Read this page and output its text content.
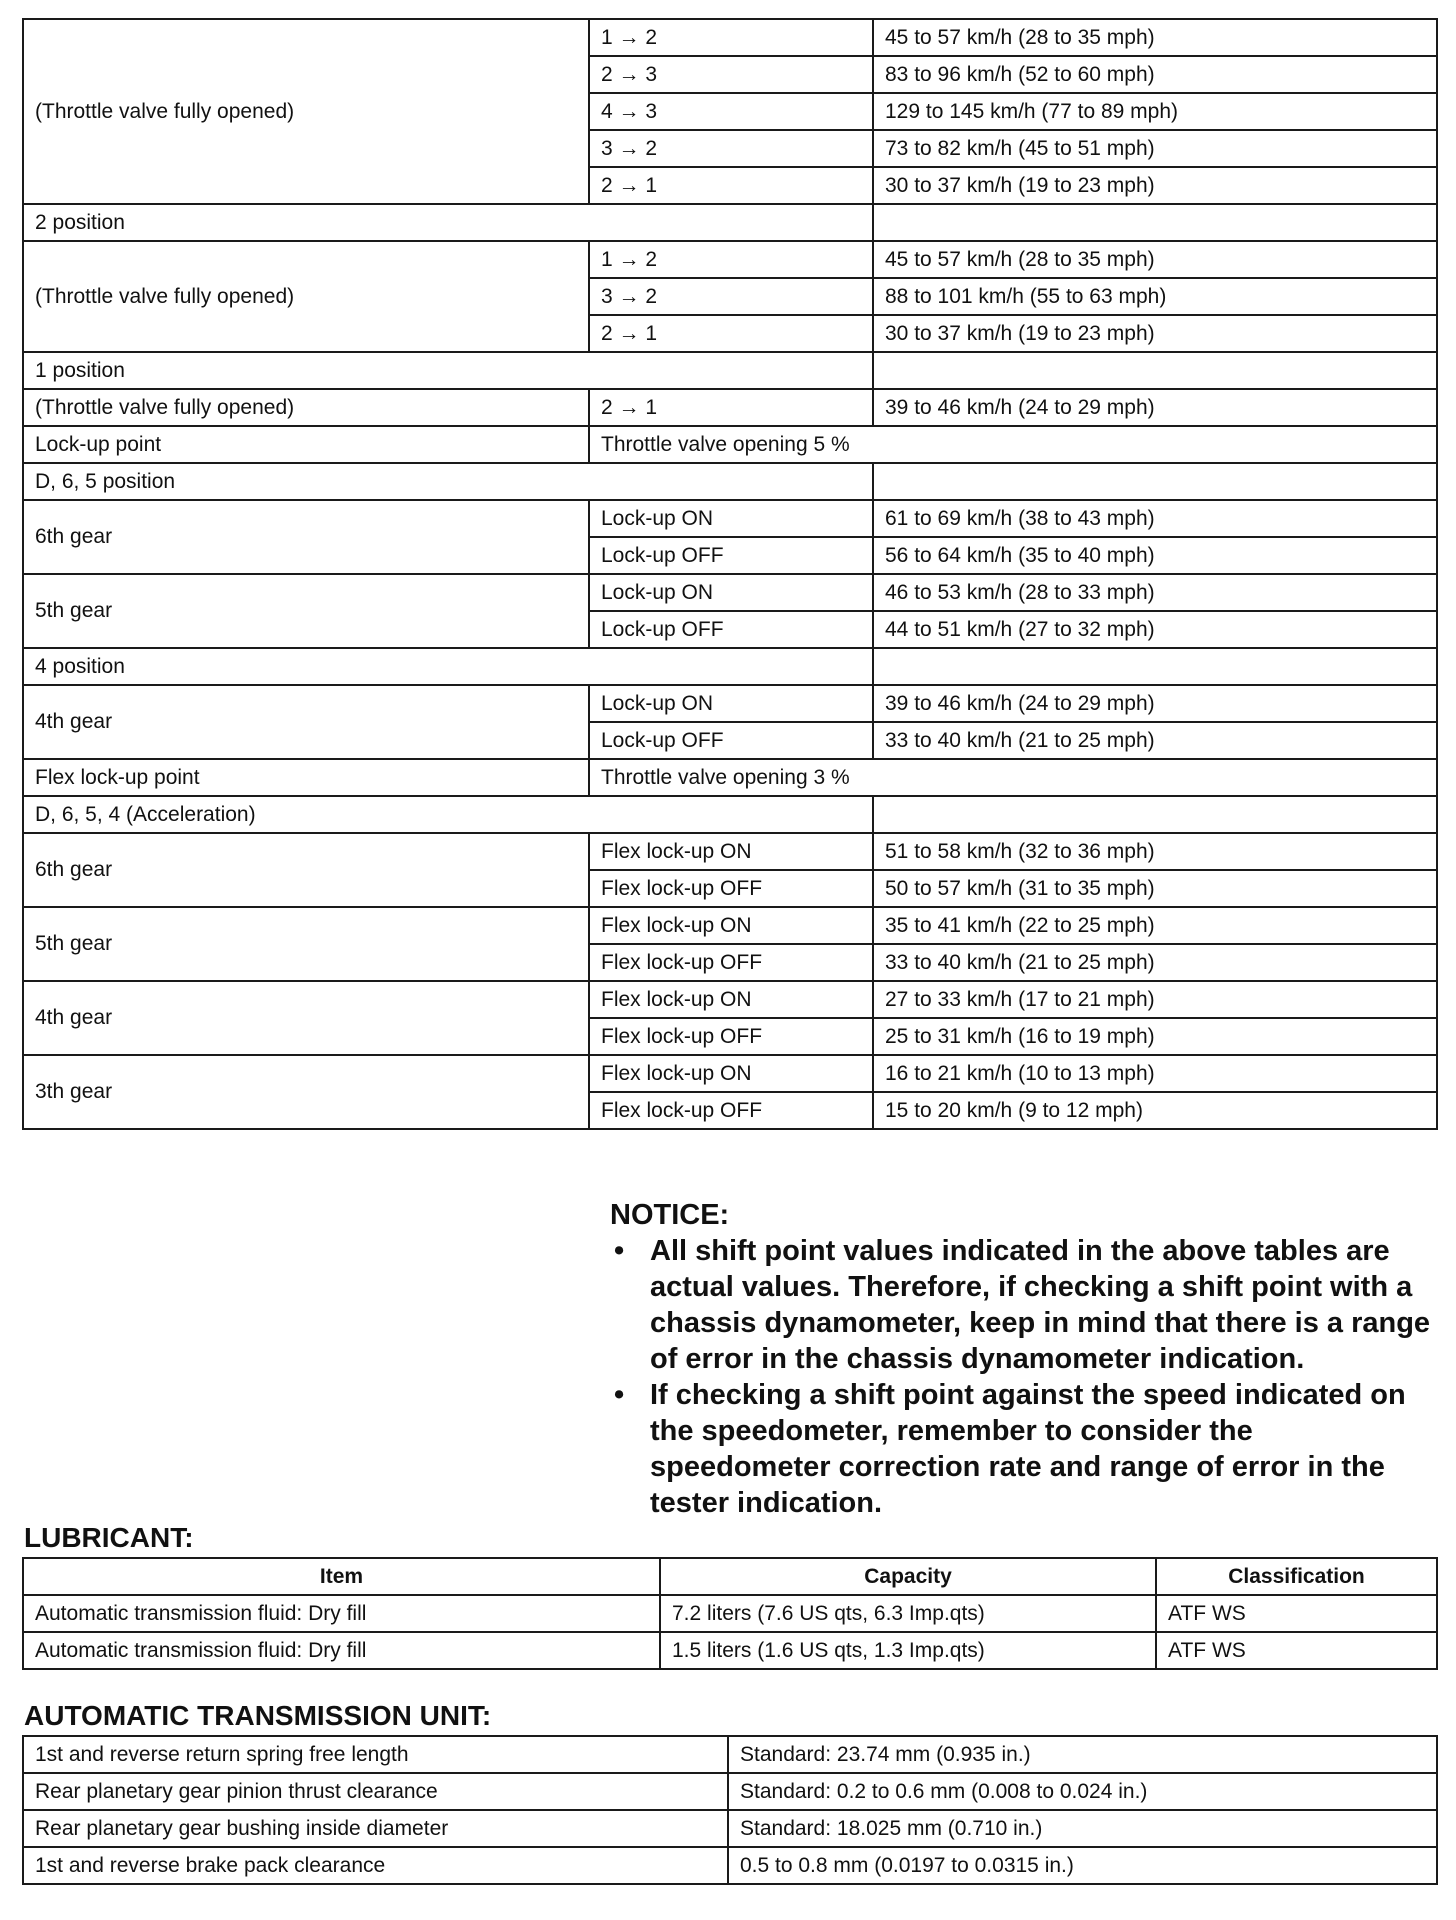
(Throttle valve fully opened)	1 → 2	45 to 57 km/h (28 to 35 mph)
	2 → 3	83 to 96 km/h (52 to 60 mph)
	4 → 3	129 to 145 km/h (77 to 89 mph)
	3 → 2	73 to 82 km/h (45 to 51 mph)
	2 → 1	30 to 37 km/h (19 to 23 mph)
2 position		
(Throttle valve fully opened)	1 → 2	45 to 57 km/h (28 to 35 mph)
	3 → 2	88 to 101 km/h (55 to 63 mph)
	2 → 1	30 to 37 km/h (19 to 23 mph)
1 position		
(Throttle valve fully opened)	2 → 1	39 to 46 km/h (24 to 29 mph)
Lock-up point	Throttle valve opening 5 %	
D, 6, 5 position		
6th gear	Lock-up ON	61 to 69 km/h (38 to 43 mph)
	Lock-up OFF	56 to 64 km/h (35 to 40 mph)
5th gear	Lock-up ON	46 to 53 km/h (28 to 33 mph)
	Lock-up OFF	44 to 51 km/h (27 to 32 mph)
4 position		
4th gear	Lock-up ON	39 to 46 km/h (24 to 29 mph)
	Lock-up OFF	33 to 40 km/h (21 to 25 mph)
Flex lock-up point	Throttle valve opening 3 %	
D, 6, 5, 4 (Acceleration)		
6th gear	Flex lock-up ON	51 to 58 km/h (32 to 36 mph)
	Flex lock-up OFF	50 to 57 km/h (31 to 35 mph)
5th gear	Flex lock-up ON	35 to 41 km/h (22 to 25 mph)
	Flex lock-up OFF	33 to 40 km/h (21 to 25 mph)
4th gear	Flex lock-up ON	27 to 33 km/h (17 to 21 mph)
	Flex lock-up OFF	25 to 31 km/h (16 to 19 mph)
3th gear	Flex lock-up ON	16 to 21 km/h (10 to 13 mph)
	Flex lock-up OFF	15 to 20 km/h (9 to 12 mph)
NOTICE:
• All shift point values indicated in the above tables are actual values. Therefore, if checking a shift point with a chassis dynamometer, keep in mind that there is a range of error in the chassis dynamometer indication.
• If checking a shift point against the speed indicated on the speedometer, remember to consider the speedometer correction rate and range of error in the tester indication.
LUBRICANT:
Item	Capacity	Classification
Automatic transmission fluid: Dry fill	7.2 liters (7.6 US qts, 6.3 Imp.qts)	ATF WS
Automatic transmission fluid: Dry fill	1.5 liters (1.6 US qts, 1.3 Imp.qts)	ATF WS
AUTOMATIC TRANSMISSION UNIT:
1st and reverse return spring free length	Standard: 23.74 mm (0.935 in.)
Rear planetary gear pinion thrust clearance	Standard: 0.2 to 0.6 mm (0.008 to 0.024 in.)
Rear planetary gear bushing inside diameter	Standard: 18.025 mm (0.710 in.)
1st and reverse brake pack clearance	0.5 to 0.8 mm (0.0197 to 0.0315 in.)
